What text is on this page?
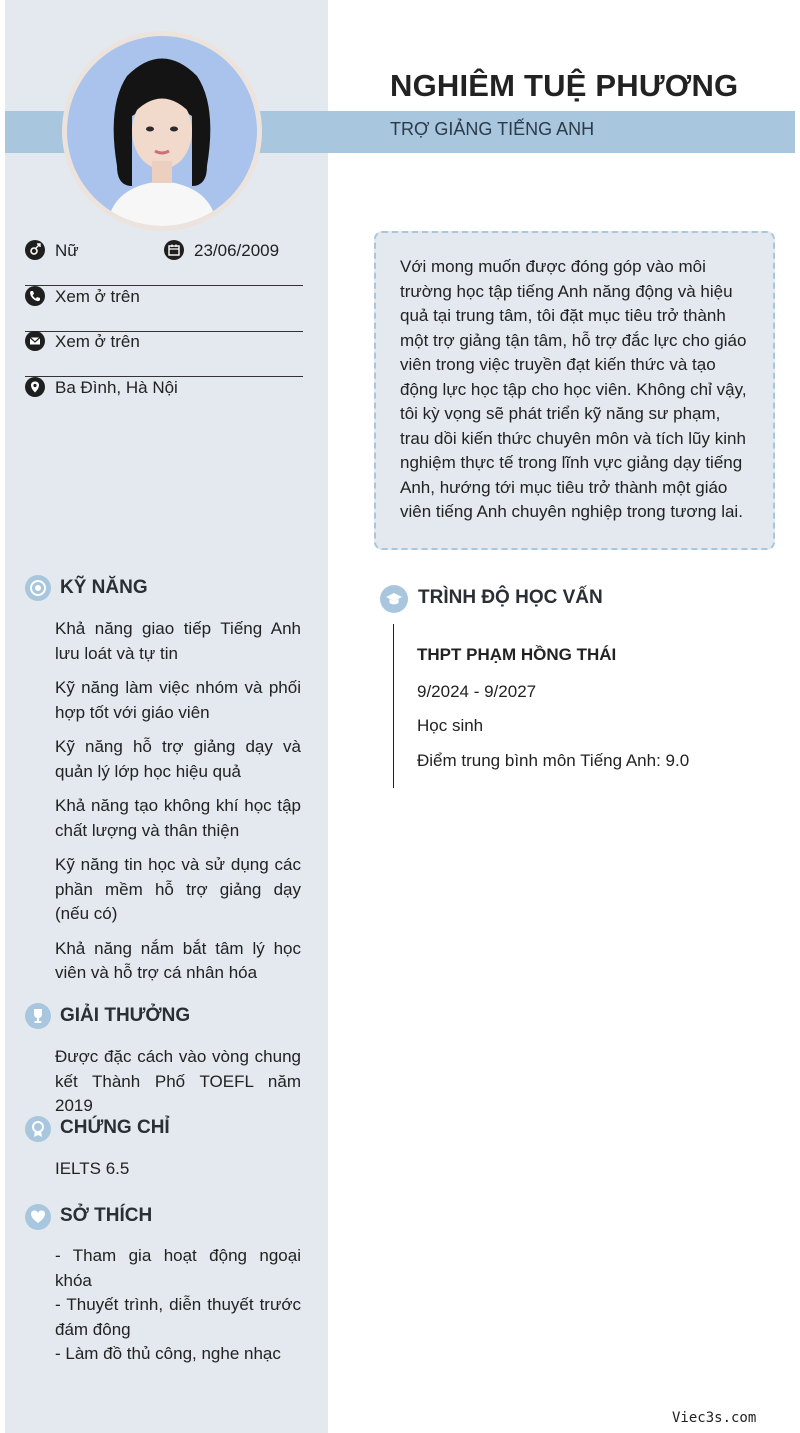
NGHIÊM TUỆ PHƯƠNG
TRỢ GIẢNG TIẾNG ANH
Nữ	23/06/2009
Xem ở trên
Xem ở trên
Ba Đình, Hà Nội
KỸ NĂNG

Khả năng giao tiếp Tiếng Anh lưu loát và tự tin

Kỹ năng làm việc nhóm và phối hợp tốt với giáo viên

Kỹ năng hỗ trợ giảng dạy và quản lý lớp học hiệu quả

Khả năng tạo không khí học tập chất lượng và thân thiện

Kỹ năng tin học và sử dụng các phần mềm hỗ trợ giảng dạy (nếu có)

Khả năng nắm bắt tâm lý học viên và hỗ trợ cá nhân hóa

GIẢI THƯỞNG

Được đặc cách vào vòng chung kết Thành Phố TOEFL năm 2019

CHỨNG CHỈ

IELTS 6.5

SỞ THÍCH
- Tham gia hoạt động ngoại khóa
- Thuyết trình, diễn thuyết trước đám đông
- Làm đồ thủ công, nghe nhạc
Với mong muốn được đóng góp vào môi trường học tập tiếng Anh năng động và hiệu quả tại trung tâm, tôi đặt mục tiêu trở thành một trợ giảng tận tâm, hỗ trợ đắc lực cho giáo viên trong việc truyền đạt kiến thức và tạo động lực học tập cho học viên. Không chỉ vậy, tôi kỳ vọng sẽ phát triển kỹ năng sư phạm, trau dồi kiến thức chuyên môn và tích lũy kinh nghiệm thực tế trong lĩnh vực giảng dạy tiếng Anh, hướng tới mục tiêu trở thành một giáo viên tiếng Anh chuyên nghiệp trong tương lai.
TRÌNH ĐỘ HỌC VẤN
THPT PHẠM HỒNG THÁI
9/2024 - 9/2027
Học sinh
Điểm trung bình môn Tiếng Anh: 9.0
Viec3s.com
